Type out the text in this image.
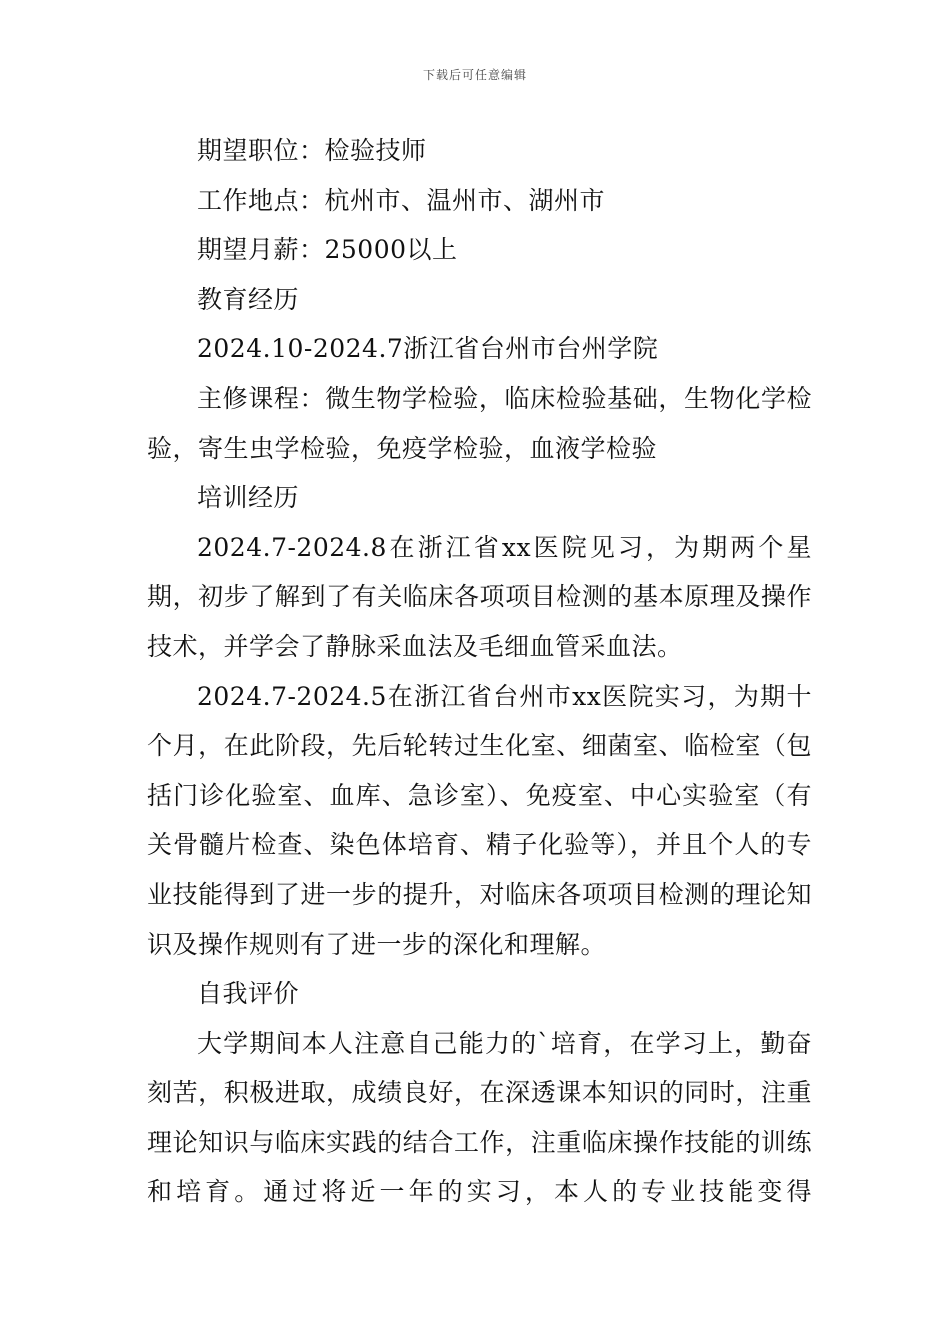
下载后可任意编辑

期望职位：检验技师

工作地点：杭州市、温州市、湖州市

期望月薪：25000以上

教育经历

2024.10-2024.7浙江省台州市台州学院

主修课程：微生物学检验，临床检验基础，生物化学检验，寄生虫学检验，免疫学检验，血液学检验

培训经历

2024.7-2024.8在浙江省xx医院见习，为期两个星期，初步了解到了有关临床各项项目检测的基本原理及操作技术，并学会了静脉采血法及毛细血管采血法。

2024.7-2024.5在浙江省台州市xx医院实习，为期十个月，在此阶段，先后轮转过生化室、细菌室、临检室（包括门诊化验室、血库、急诊室）、免疫室、中心实验室（有关骨髓片检查、染色体培育、精子化验等），并且个人的专业技能得到了进一步的提升，对临床各项项目检测的理论知识及操作规则有了进一步的深化和理解。

自我评价

大学期间本人注意自己能力的`培育，在学习上，勤奋刻苦，积极进取，成绩良好，在深透课本知识的同时，注重理论知识与临床实践的结合工作，注重临床操作技能的训练和培育。通过将近一年的实习，本人的专业技能变得
